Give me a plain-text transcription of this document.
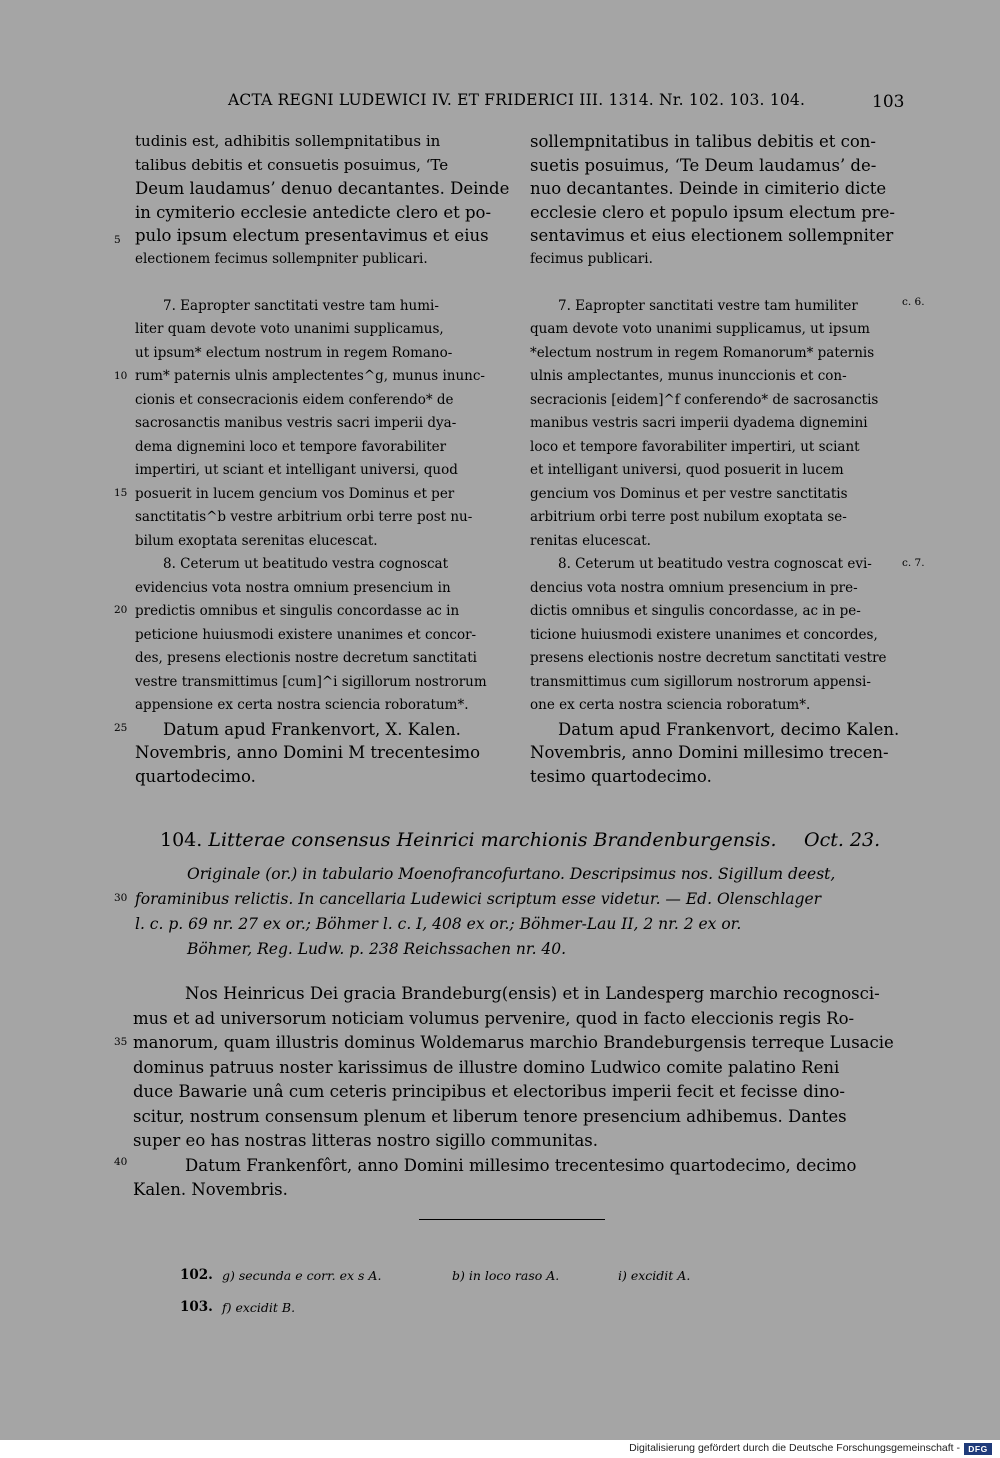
ACTA REGNI LUDEWICI IV. ET FRIDERICI III. 1314. Nr. 102. 103. 104.	103
tudinis est, adhibitis sollempnitatibus in
talibus debitis et consuetis posuimus, ‘Te
Deum laudamus’ denuo decantantes. Deinde
in cymiterio ecclesie antedicte clero et po-
pulo ipsum electum presentavimus et eius
electionem fecimus sollempniter publicari.
7. Eapropter sanctitati vestre tam humi-
liter quam devote voto unanimi supplicamus,
ut ipsum* electum nostrum in regem Romano-
rum* paternis ulnis amplectentes^g, munus inunc-
cionis et consecracionis eidem conferendo* de
sacrosanctis manibus vestris sacri imperii dya-
dema dignemini loco et tempore favorabiliter
impertiri, ut sciant et intelligant universi, quod
posuerit in lucem gencium vos Dominus et per
sanctitatis^b vestre arbitrium orbi terre post nu-
bilum exoptata serenitas elucescat.
8. Ceterum ut beatitudo vestra cognoscat
evidencius vota nostra omnium presencium in
predictis omnibus et singulis concordasse ac in
peticione huiusmodi existere unanimes et concor-
des, presens electionis nostre decretum sanctitati
vestre transmittimus [cum]^i sigillorum nostrorum
appensione ex certa nostra sciencia roboratum*.
Datum apud Frankenvort, X. Kalen.
Novembris, anno Domini M trecentesimo
quartodecimo.
sollempnitatibus in talibus debitis et con-
suetis posuimus, ‘Te Deum laudamus’ de-
nuo decantantes. Deinde in cimiterio dicte
ecclesie clero et populo ipsum electum pre-
sentavimus et eius electionem sollempniter
fecimus publicari.
7. Eapropter sanctitati vestre tam humiliter
quam devote voto unanimi supplicamus, ut ipsum
*electum nostrum in regem Romanorum* paternis
ulnis amplectantes, munus inunccionis et con-
secracionis [eidem]^f conferendo* de sacrosanctis
manibus vestris sacri imperii dyadema dignemini
loco et tempore favorabiliter impertiri, ut sciant
et intelligant universi, quod posuerit in lucem
gencium vos Dominus et per vestre sanctitatis
arbitrium orbi terre post nubilum exoptata se-
renitas elucescat.
8. Ceterum ut beatitudo vestra cognoscat evi-
dencius vota nostra omnium presencium in pre-
dictis omnibus et singulis concordasse, ac in pe-
ticione huiusmodi existere unanimes et concordes,
presens electionis nostre decretum sanctitati vestre
transmittimus cum sigillorum nostrorum appensi-
one ex certa nostra sciencia roboratum*.
Datum apud Frankenvort, decimo Kalen.
Novembris, anno Domini millesimo trecen-
tesimo quartodecimo.
5
10
15
20
25
30
35
40
c. 6.
c. 7.
104. Litterae consensus Heinrici marchionis Brandenburgensis. Oct. 23.
Originale (or.) in tabulario Moenofrancofurtano. Descripsimus nos. Sigillum deest,
foraminibus relictis. In cancellaria Ludewici scriptum esse videtur. — Ed. Olenschlager
l. c. p. 69 nr. 27 ex or.; Böhmer l. c. I, 408 ex or.; Böhmer-Lau II, 2 nr. 2 ex or.
Böhmer, Reg. Ludw. p. 238 Reichssachen nr. 40.
Nos Heinricus Dei gracia Brandeburg(ensis) et in Landesperg marchio recognosci-
mus et ad universorum noticiam volumus pervenire, quod in facto eleccionis regis Ro-
manorum, quam illustris dominus Woldemarus marchio Brandeburgensis terreque Lusacie
dominus patruus noster karissimus de illustre domino Ludwico comite palatino Reni
duce Bawarie unâ cum ceteris principibus et electoribus imperii fecit et fecisse dino-
scitur, nostrum consensum plenum et liberum tenore presencium adhibemus. Dantes
super eo has nostras litteras nostro sigillo communitas.
Datum Frankenfôrt, anno Domini millesimo trecentesimo quartodecimo, decimo
Kalen. Novembris.
102. g) secunda e corr. ex s A.	b) in loco raso A.	i) excidit A.
103. f) excidit B.
Digitalisierung gefördert durch die Deutsche Forschungsgemeinschaft - DFG
